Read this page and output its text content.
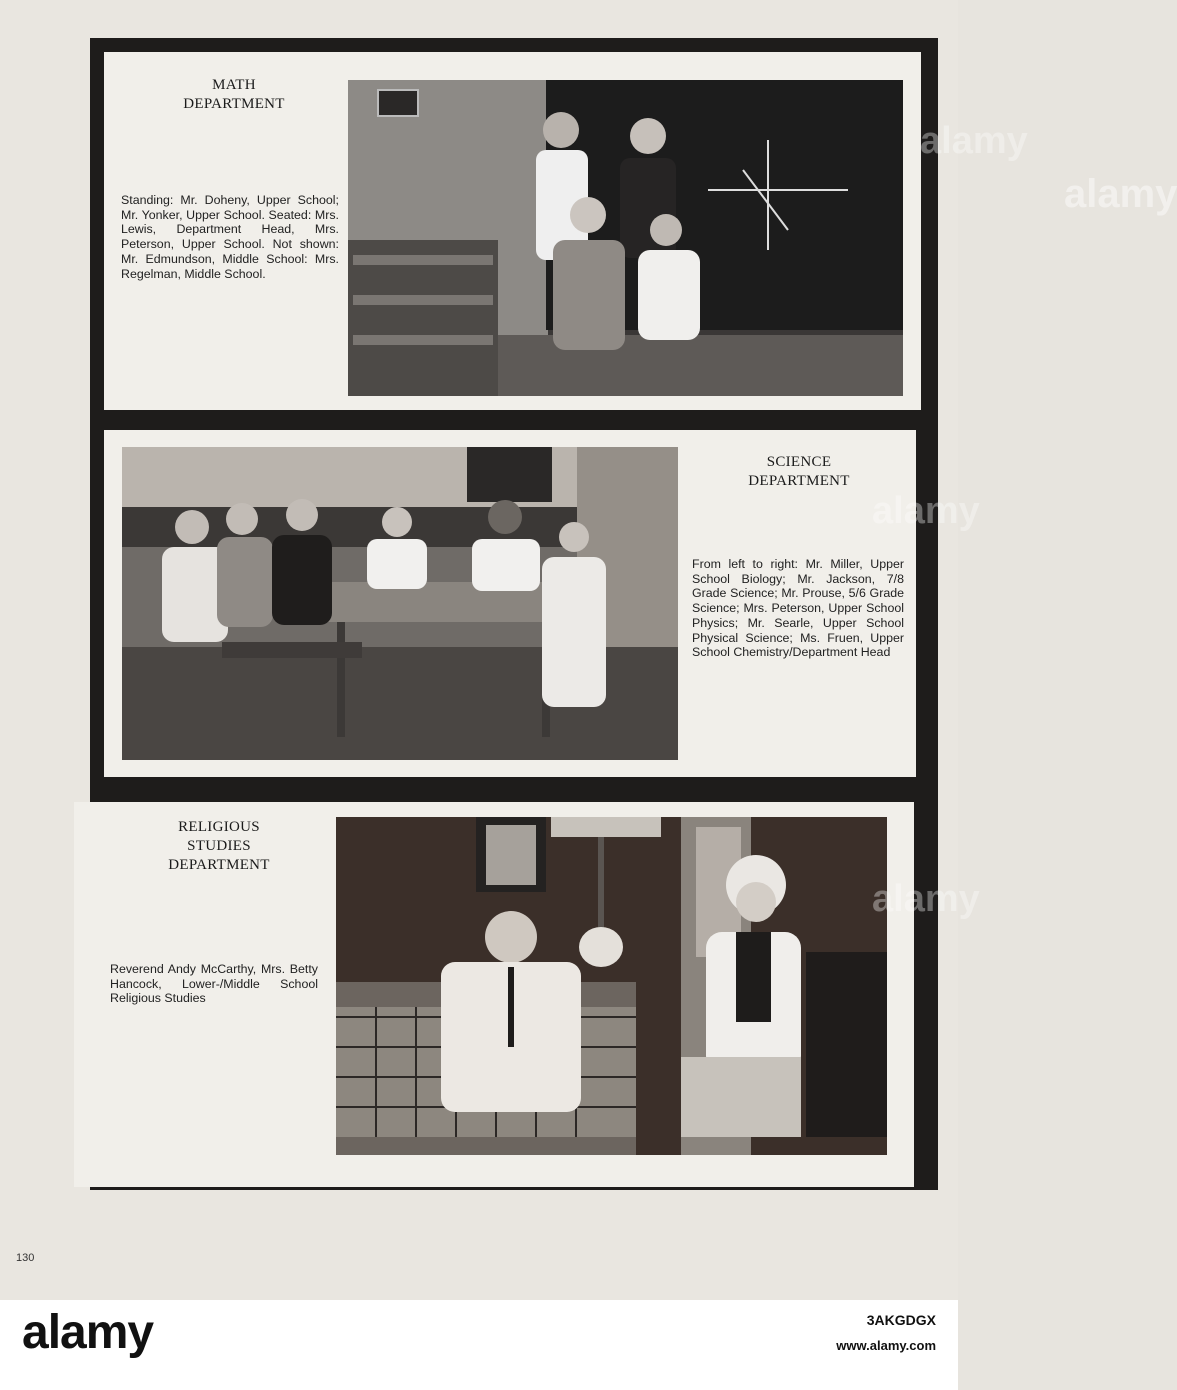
MATH
DEPARTMENT

Standing: Mr. Doheny, Upper School; Mr. Yonker, Upper School. Seated: Mrs. Lewis, Department Head, Mrs. Peterson, Upper School. Not shown: Mr. Edmundson, Middle School: Mrs. Regelman, Middle School.

alamy
SCIENCE
DEPARTMENT

From left to right: Mr. Miller, Upper School Biology; Mr. Jackson, 7/8 Grade Science; Mr. Prouse, 5/6 Grade Science; Mrs. Peterson, Upper School Physics; Mr. Searle, Upper School Physical Science; Ms. Fruen, Upper School Chemistry/Department Head

RELIGIOUS
STUDIES
DEPARTMENT

Reverend Andy McCarthy, Mrs. Betty Hancock, Lower-/Middle School Religious Studies

130
alamy
alamy
alamy
alamy	3AKGDGX
www.alamy.com
